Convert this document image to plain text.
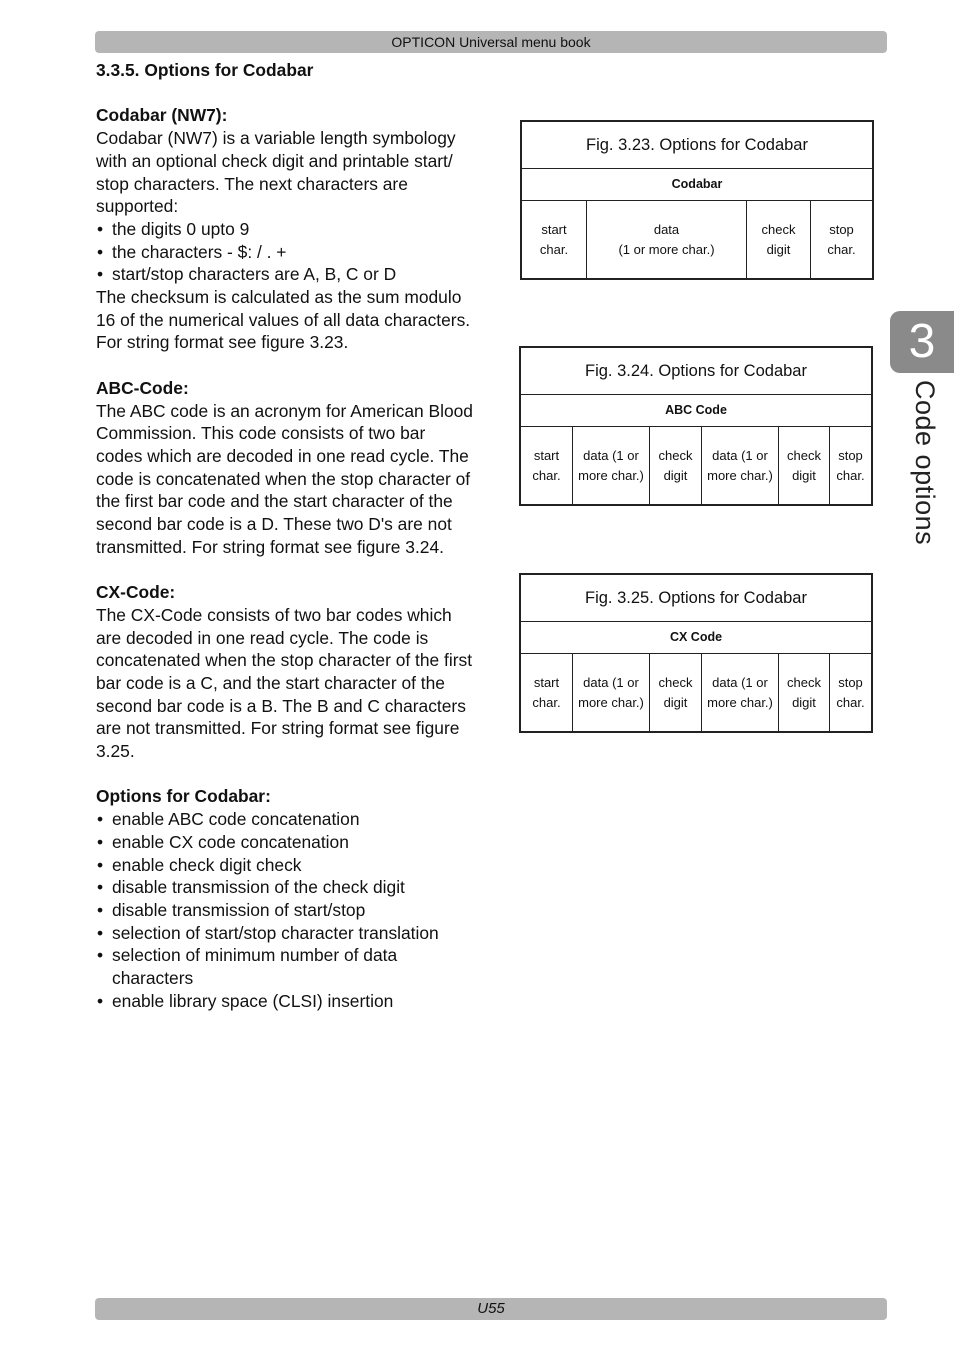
OPTICON Universal menu book
3
Code options

3.3.5. Options for Codabar

Codabar (NW7):

Codabar (NW7) is a variable length symbology with an optional check digit and printable start/ stop characters. The next characters are supported:

• the digits 0 upto 9
• the characters - $: / . +
• start/stop characters are A, B, C or D

The checksum is calculated as the sum modulo 16 of the numerical values of all data characters. For string format see figure 3.23.

ABC-Code:

The ABC code is an acronym for American Blood Commission. This code consists of two bar codes which are decoded in one read cycle. The code is concatenated when the stop character of the first bar code and the start character of the second bar code is a D. These two D's are not transmitted. For string format see figure 3.24.

CX-Code:

The CX-Code consists of two bar codes which are decoded in one read cycle. The code is concatenated when the stop character of the first bar code is a C, and the start character of the second bar code is a B. The B and C characters are not transmitted. For string format see figure 3.25.

Options for Codabar:

• enable ABC code concatenation
• enable CX code concatenation
• enable check digit check
• disable transmission of the check digit
• disable transmission of start/stop
• selection of start/stop character translation
• selection of minimum number of data characters
• enable library space (CLSI) insertion
Fig. 3.23. Options for Codabar
Codabar
start
char.
data
(1 or more char.)
check
digit
stop
char.
Fig. 3.24. Options for Codabar
ABC Code
start
char.
data (1 or
more char.)
check
digit
data (1 or
more char.)
check
digit
stop
char.
Fig. 3.25. Options for Codabar
CX Code
start
char.
data (1 or
more char.)
check
digit
data (1 or
more char.)
check
digit
stop
char.
U55
